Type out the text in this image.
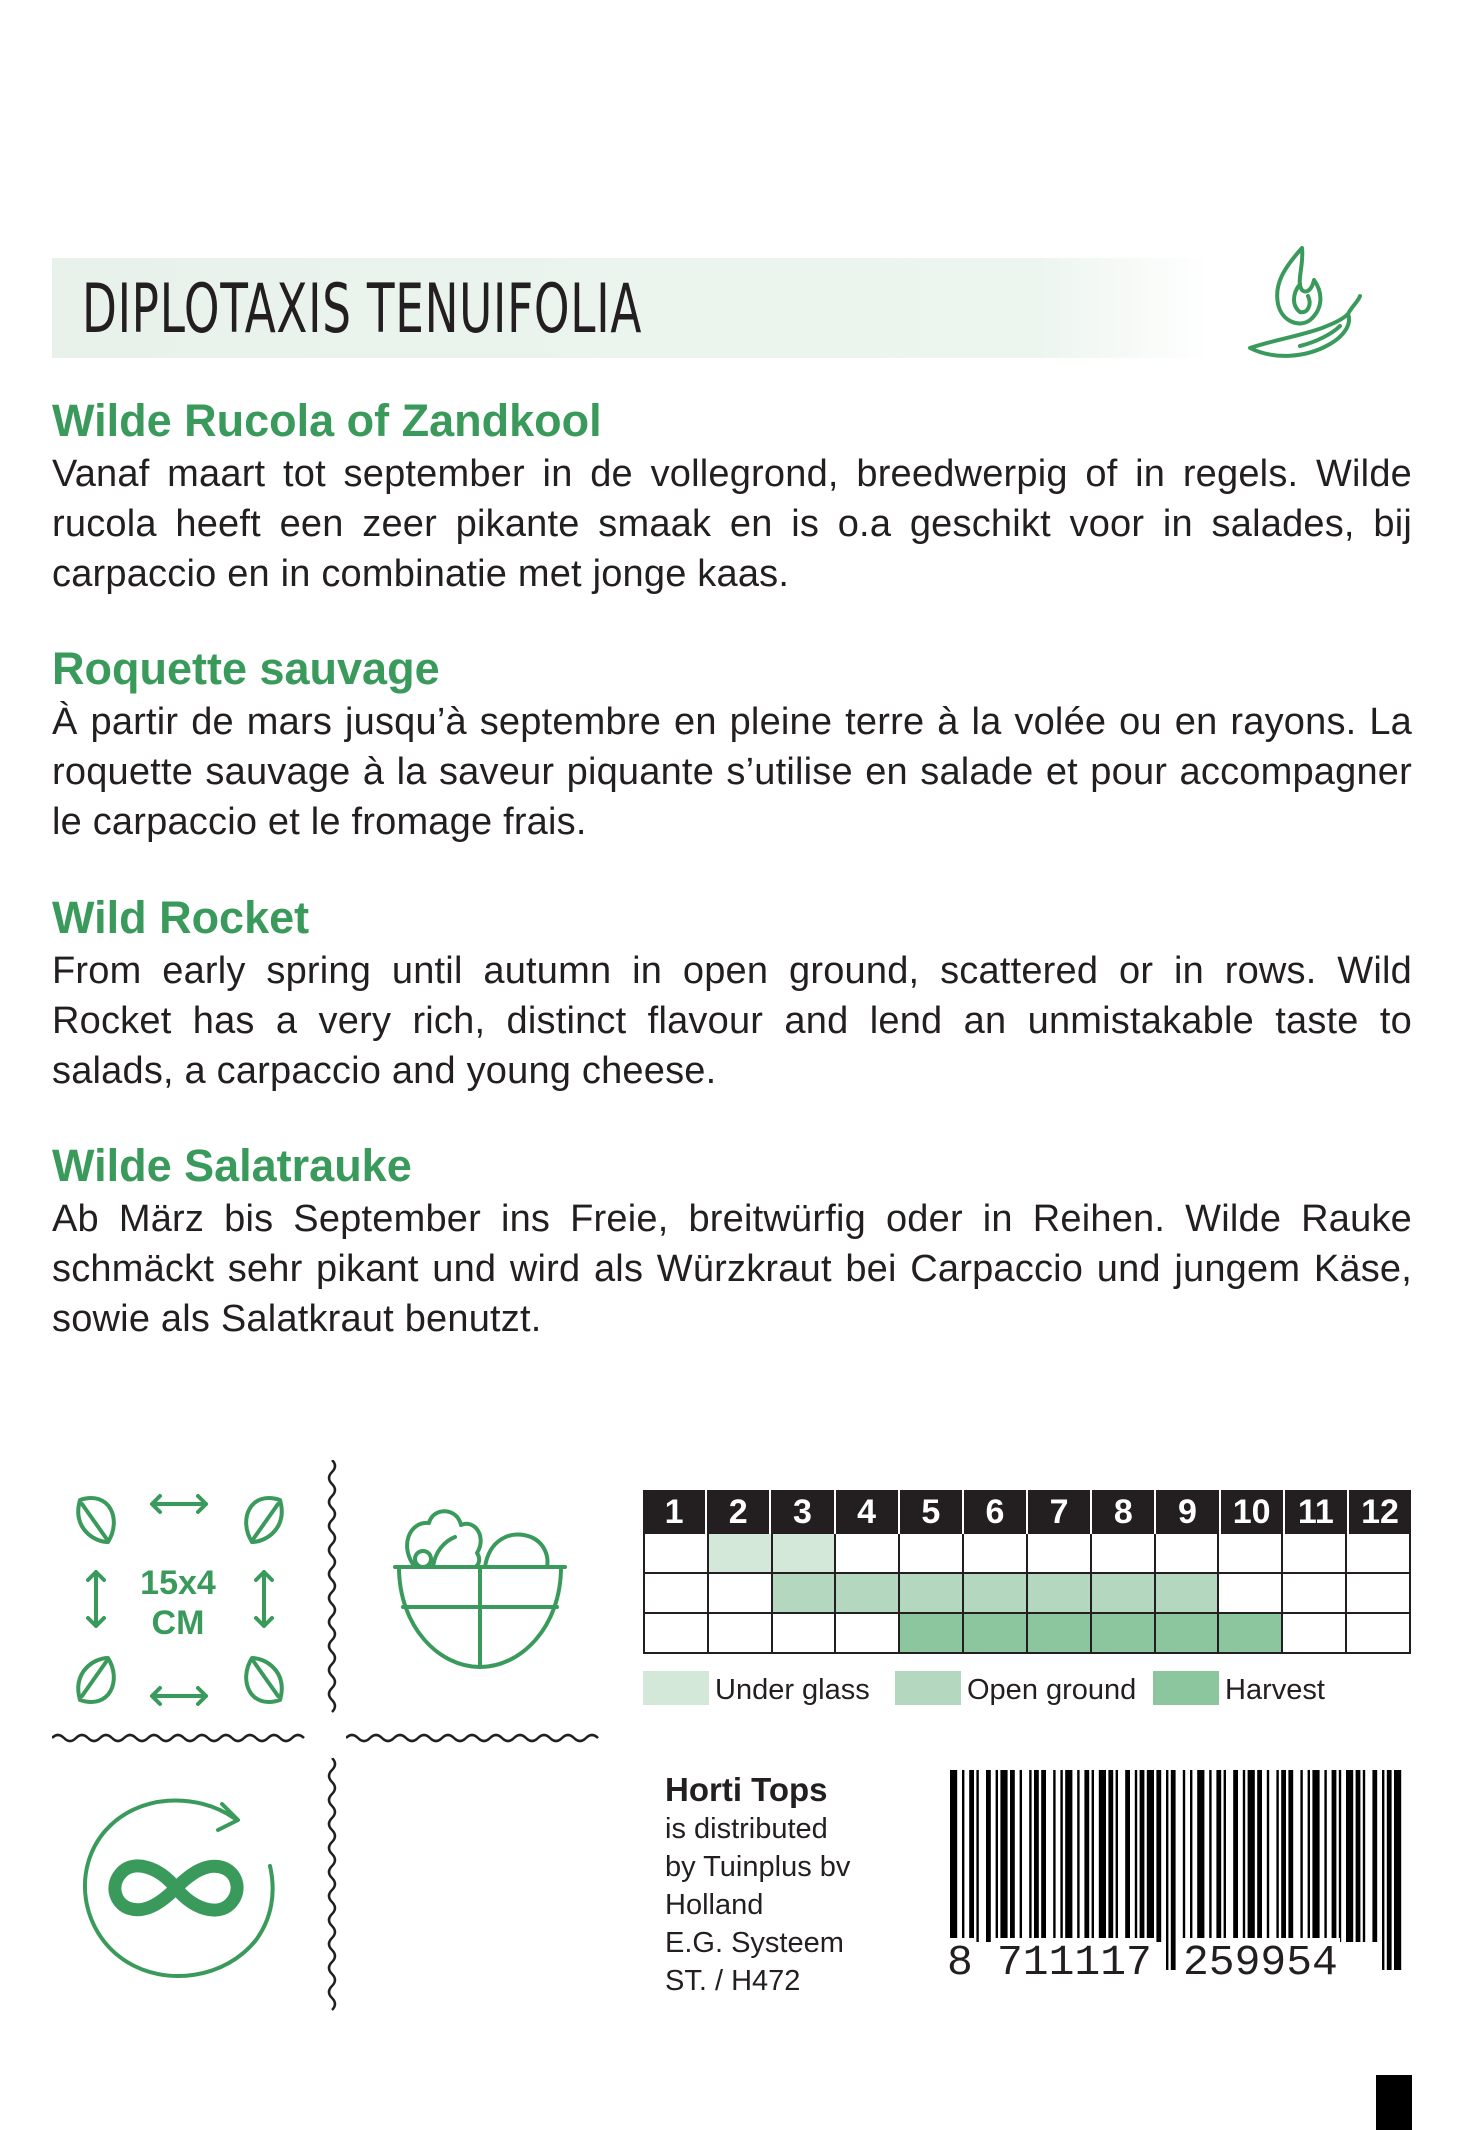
DIPLOTAXIS TENUIFOLIA
Wilde Rucola of Zandkool

Vanaf maart tot september in de vollegrond, breedwerpig of in regels. Wilde rucola heeft een zeer pikante smaak en is o.a geschikt voor in salades, bij carpaccio en in combinatie met jonge kaas.

Roquette sauvage

À partir de mars jusqu’à septembre en pleine terre à la volée ou en rayons. La roquette sauvage à la saveur piquante s’utilise en salade et pour accompagner le carpaccio et le fromage frais.

Wild Rocket

From early spring until autumn in open ground, scattered or in rows. Wild Rocket has a very rich, distinct flavour and lend an unmistakable taste to salads, a carpaccio and young cheese.

Wilde Salatrauke

Ab März bis September ins Freie, breitwürfig oder in Reihen. Wilde Rauke schmäckt sehr pikant und wird als Würzkraut bei Carpaccio und jungem Käse, sowie als Salatkraut benutzt.

15x4
CM
1	2	3	4	5	6	7	8	9	10 11 12
Under glass	Open ground	Harvest

Horti Tops

is distributed

by Tuinplus bv

Holland

E.G. Systeem

ST. / H472	8 711117 259954
